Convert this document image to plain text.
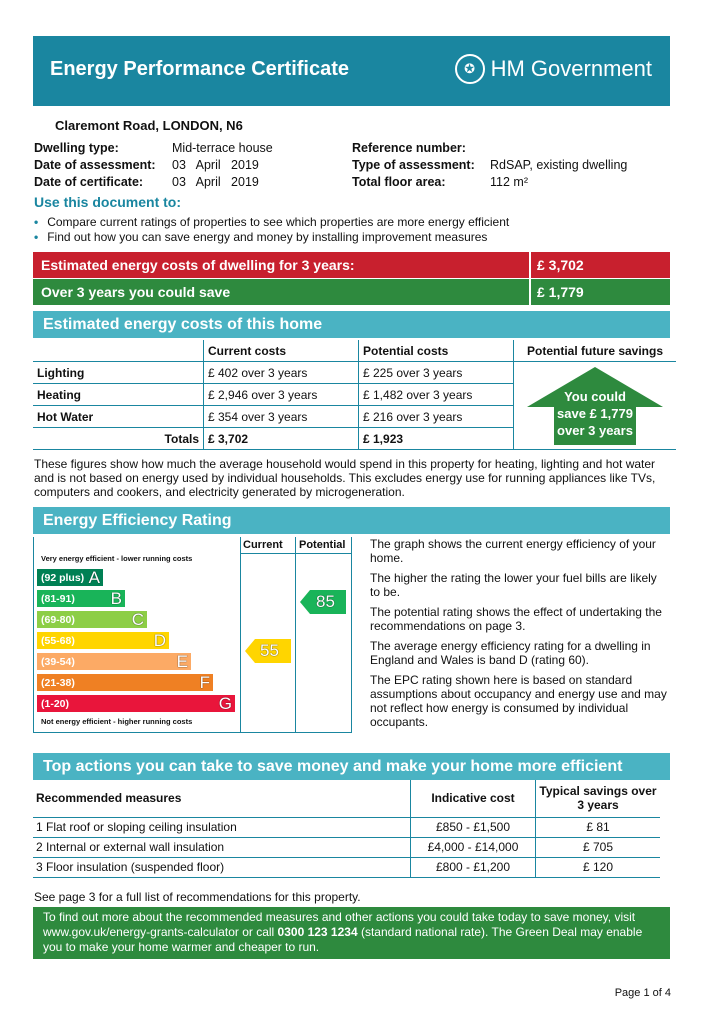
Energy Performance Certificate	✪ HM Government
Claremont Road, LONDON, N6
Dwelling type:	Mid-terrace house
Date of assessment:	03   April   2019
Date of certificate:	03   April   2019
Reference number:
Type of assessment:	RdSAP, existing dwelling
Total floor area:	112 m²
Use this document to:
• Compare current ratings of properties to see which properties are more energy efficient
• Find out how you can save energy and money by installing improvement measures
Estimated energy costs of dwelling for 3 years:	£ 3,702
Over 3 years you could save	£ 1,779
Estimated energy costs of this home
	Current costs	Potential costs	Potential future savings
Lighting	£ 402 over 3 years	£ 225 over 3 years	You could
save £ 1,779
over 3 years

Heating	£ 2,946 over 3 years	£ 1,482 over 3 years	
Hot Water	£ 354 over 3 years	£ 216 over 3 years	
Totals	£ 3,702	£ 1,923	
These figures show how much the average household would spend in this property for heating, lighting and hot water and is not based on energy used by individual households. This excludes energy use for running appliances like TVs, computers and cookers, and electricity generated by microgeneration.
Energy Efficiency Rating
Current Potential
Very energy efficient - lower running costs
Not energy efficient - higher running costs
(92 plus) A
(81-91) B
(69-80)	C
(55-68)	D
(39-54)	E
(21-38)	F
(1-20)	G
55
85
The graph shows the current energy efficiency of your home.
The higher the rating the lower your fuel bills are likely to be.
The potential rating shows the effect of undertaking the recommendations on page 3.
The average energy efficiency rating for a dwelling in England and Wales is band D (rating 60).
The EPC rating shown here is based on standard assumptions about occupancy and energy use and may not reflect how energy is consumed by individual occupants.
Top actions you can take to save money and make your home more efficient
Recommended measures	Indicative cost	Typical savings over 3 years
1 Flat roof or sloping ceiling insulation	£850 - £1,500	£ 81
2 Internal or external wall insulation	£4,000 - £14,000	£ 705
3 Floor insulation (suspended floor)	£800 - £1,200	£ 120
See page 3 for a full list of recommendations for this property.
To find out more about the recommended measures and other actions you could take today to save money, visit www.gov.uk/energy-grants-calculator or call 0300 123 1234 (standard national rate). The Green Deal may enable you to make your home warmer and cheaper to run.
Page 1 of 4
